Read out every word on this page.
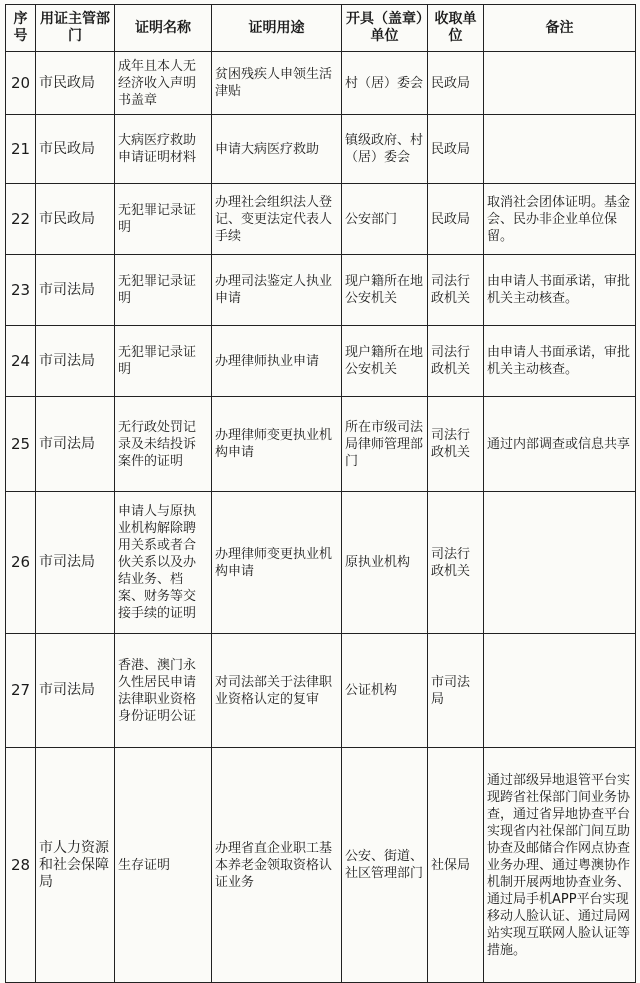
序号	用证主管部门	证明名称	证明用途	开具（盖章）单位	收取单位	备注
20	市民政局	成年且本人无经济收入声明书盖章	贫困残疾人申领生活津贴	村（居）委会	民政局	
21	市民政局	大病医疗救助申请证明材料	申请大病医疗救助	镇级政府、村（居）委会	民政局	
22	市民政局	无犯罪记录证明	办理社会组织法人登记、变更法定代表人手续	公安部门	民政局	取消社会团体证明。基金会、民办非企业单位保留。
23	市司法局	无犯罪记录证明	办理司法鉴定人执业申请	现户籍所在地公安机关	司法行政机关	由申请人书面承诺，审批机关主动核查。
24	市司法局	无犯罪记录证明	办理律师执业申请	现户籍所在地公安机关	司法行政机关	由申请人书面承诺，审批机关主动核查。
25	市司法局	无行政处罚记录及未结投诉案件的证明	办理律师变更执业机构申请	所在市级司法局律师管理部门	司法行政机关	通过内部调查或信息共享
26	市司法局	申请人与原执业机构解除聘用关系或者合伙关系以及办结业务、档案、财务等交接手续的证明	办理律师变更执业机构申请	原执业机构	司法行政机关	
27	市司法局	香港、澳门永久性居民申请法律职业资格身份证明公证	对司法部关于法律职业资格认定的复审	公证机构	市司法局	
28	市人力资源和社会保障局	生存证明	办理省直企业职工基本养老金领取资格认证业务	公安、街道、社区管理部门	社保局	通过部级异地退管平台实现跨省社保部门间业务协查，通过省异地协查平台实现省内社保部门间互助协查及邮储合作网点协查业务办理、通过粤澳协作机制开展两地协查业务、通过局手机APP平台实现移动人脸认证、通过局网站实现互联网人脸认证等措施。
